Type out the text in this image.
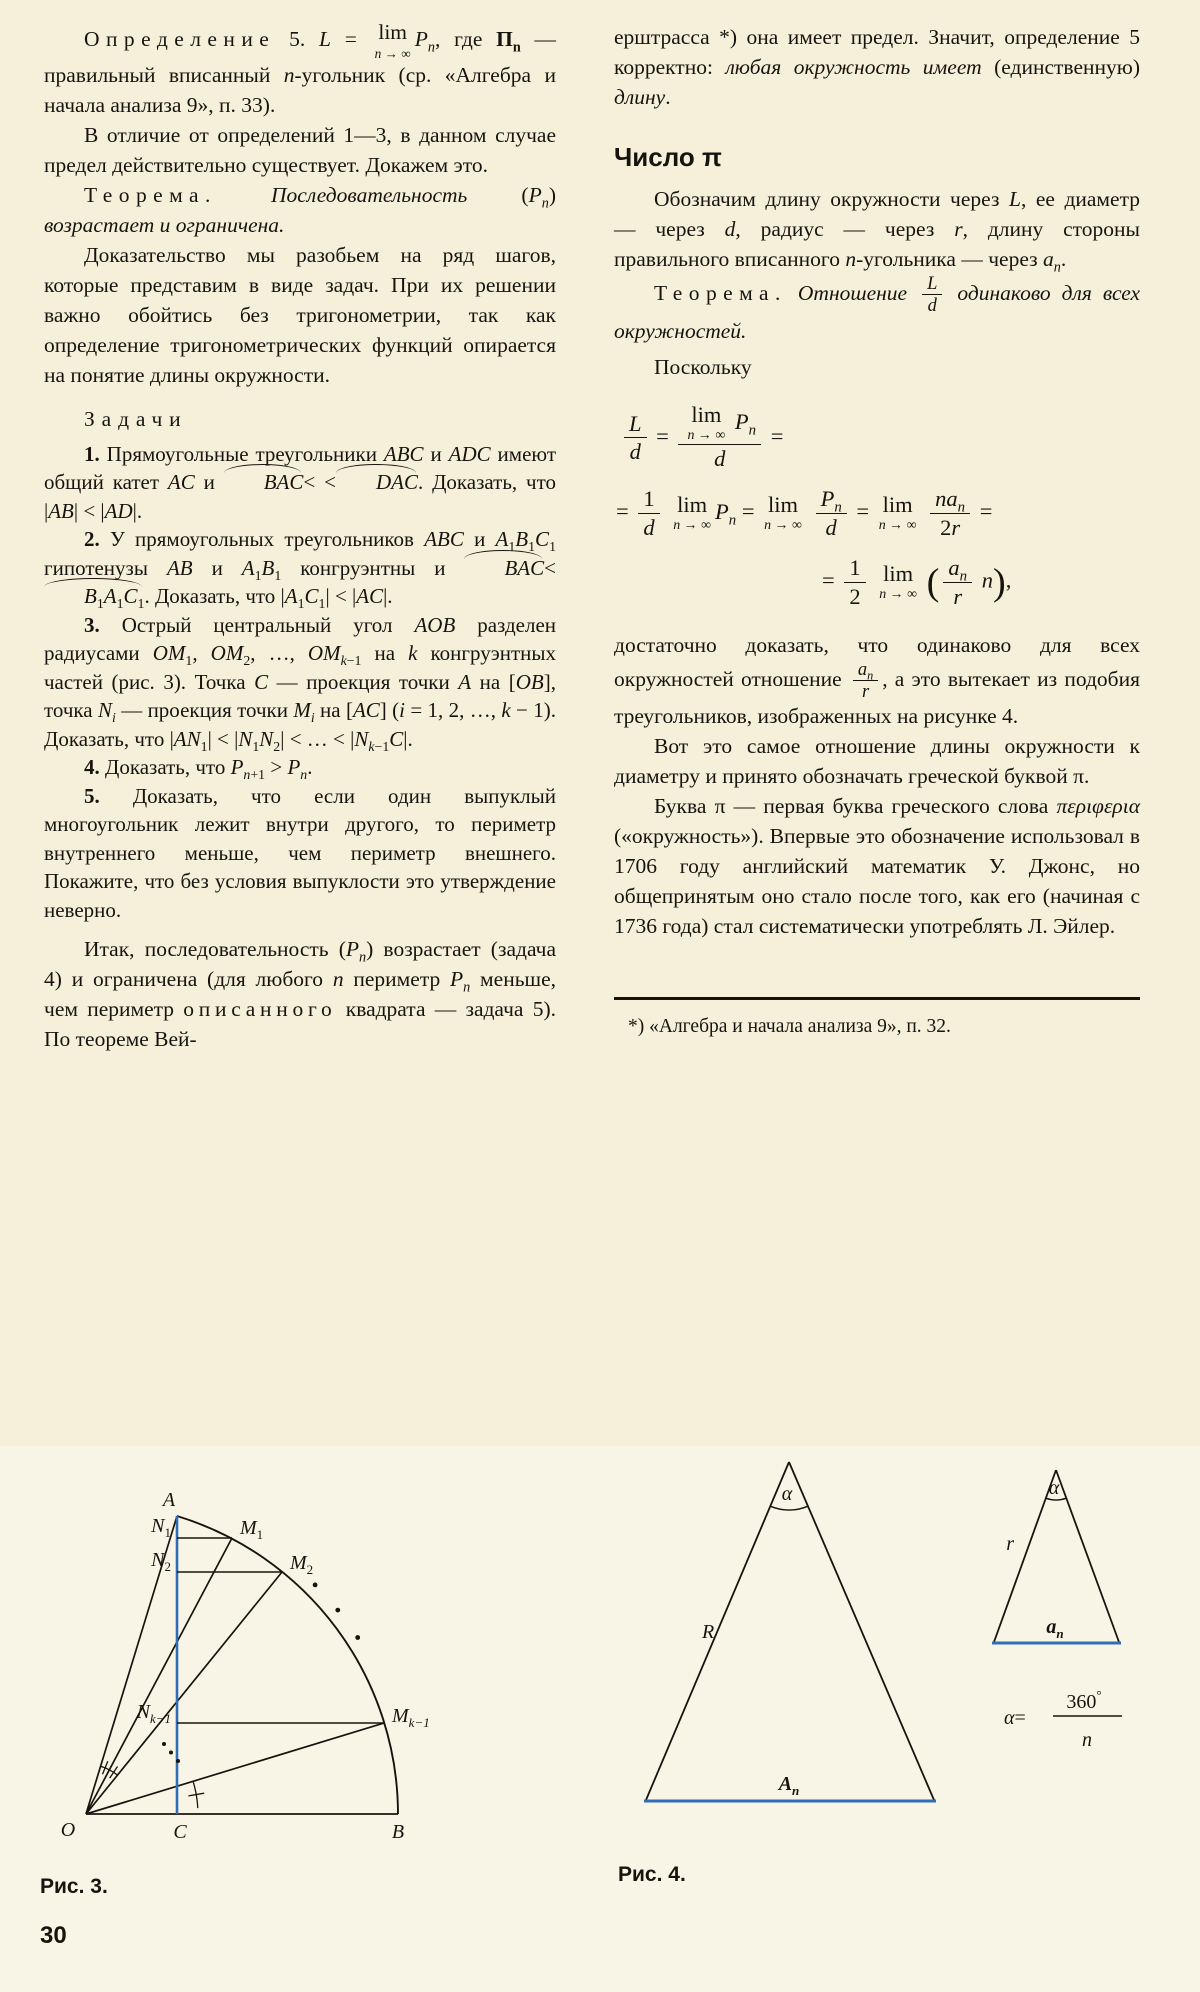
Определение 5. L = lim
n → ∞
$P_n$, где $П_n$ — правильный вписанный n-угольник (ср. «Алгебра и начала анализа 9», п. 33).

В отличие от определений 1—3, в данном случае предел действительно существует. Докажем это.

Теорема.	Последовательность $(P_n)$ возрастает и ограничена.

Доказательство мы разобьем на ряд шагов, которые представим в виде задач. При их решении важно обойтись без тригонометрии, так как определение тригонометрических функций опирается на понятие длины окружности.

Задачи

1. Прямоугольные треугольники ABC и ADC имеют общий катет AC и BAC< < DAC. Доказать, что |AB| < |AD|.

2. У прямоугольных треугольников ABC и $A_1B_1C_1$ гипотенузы AB и $A_1B_1$ конгруэнтны и $BAC<B_1A_1C_1$. Доказать, что $|A_1C_1| < |AC|$.

3. Острый центральный угол AOB разделен радиусами $OM_1$, $OM_2$, …, $OM_{k-1}$ на k конгруэнтных частей (рис. 3). Точка C — проекция точки A на [OB], точка $N_i$ — проекция точки $M_i$ на [AC] (i = 1, 2, …, k − 1). Доказать, что $|AN_1| < |N_1N_2|$ < … < $|N_{k-1}C|$.

4. Доказать, что $P_{n+1} > P_n$.

5. Доказать, что если один выпуклый многоугольник лежит внутри другого, то периметр внутреннего меньше, чем периметр внешнего. Покажите, что без условия выпуклости это утверждение неверно.

Итак, последовательность $(P_n)$ возрастает (задача 4) и ограничена (для любого n периметр $P_n$ меньше, чем периметр описанного квадрата — задача 5). По теореме Вей-

ерштрасса *) она имеет предел. Значит, определение 5 корректно: любая окружность имеет (единственную) длину.

Число π

Обозначим длину окружности через L, ее диаметр — через d, радиус — через r, длину стороны правильного вписанного n-угольника — через $a_n$.

Теорема. Отношение $\frac{L}{d}$ одинаково для всех окружностей.

Поскольку

$\frac{L}{d} = \lim$
n → ∞
$P_n$
d =
= $\frac{1}{d}$
lim
n → ∞
$P_n = \lim$
n → ∞
$\frac{P_n}{d} = \lim$
n → ∞
$\frac{na_n}{2r}$ =
= $\frac{1}{2}$
lim
n → ∞ ( $\frac{a_n}{r} n$),

достаточно доказать, что одинаково для всех окружностей отношение $\frac{a_n}{r}$ , а это вытекает из подобия треугольников, изображенных на рисунке 4.

Вот это самое отношение длины окружности к диаметру и принято обозначать греческой буквой π.

Буква π — первая буква греческого слова περιφερια («окружность»). Впервые это обозначение использовал в 1706 году английский математик У. Джонс, но общепринятым оно стало после того, как его (начиная с 1736 года) стал систематически употреблять Л. Эйлер.

*) «Алгебра и начала анализа 9», п. 32.

A
$M_1$
$M_2$
$M_{k-1}$
$N_1$
$N_2$
$N_{k-1}$
O	C	B
Рис. 3.
α
R
$A_n$
α
r
$a_n$
α=
360°
n
Рис. 4.
30
